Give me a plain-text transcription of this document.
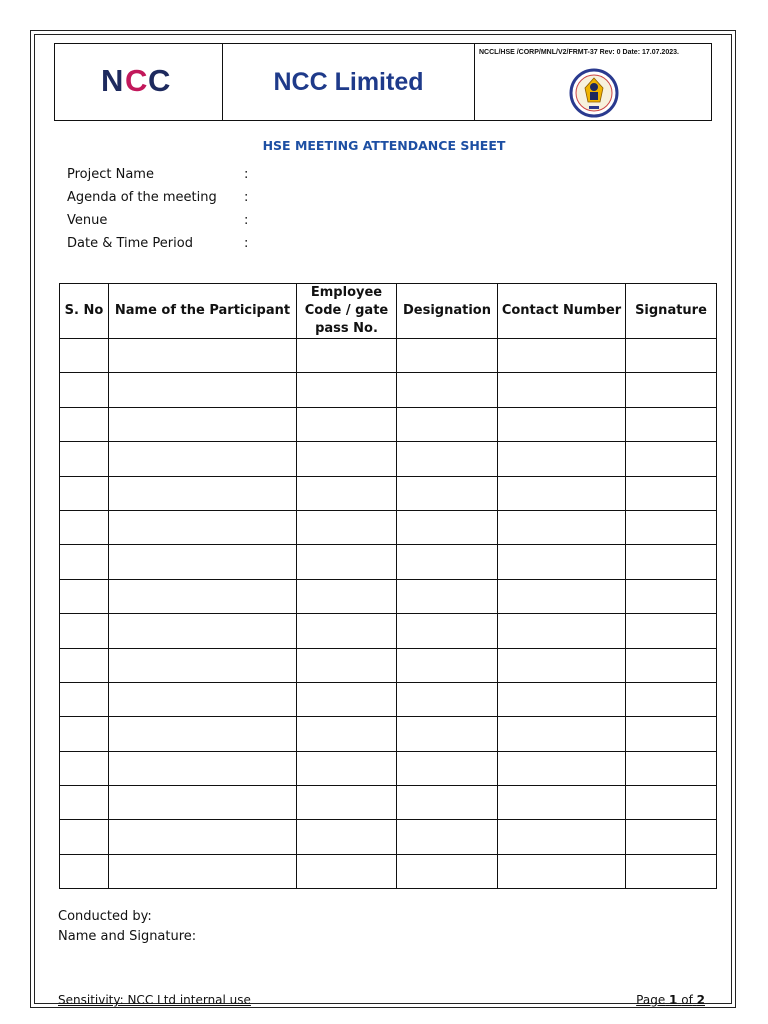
N C C	NCC Limited	
NCCL/HSE /CORP/MNL/V2/FRMT-37 Rev: 0 Date: 17.07.2023.
HSE MEETING ATTENDANCE SHEET
Project Name	:
Agenda of the meeting :
Venue	:
Date & Time Period	:
S. No	Name of the Participant	Employee Code / gate pass No.	Designation	Contact Number	Signature

Conducted by:
Name and Signature:
Sensitivity: NCC Ltd internal use	Page 1 of 2
